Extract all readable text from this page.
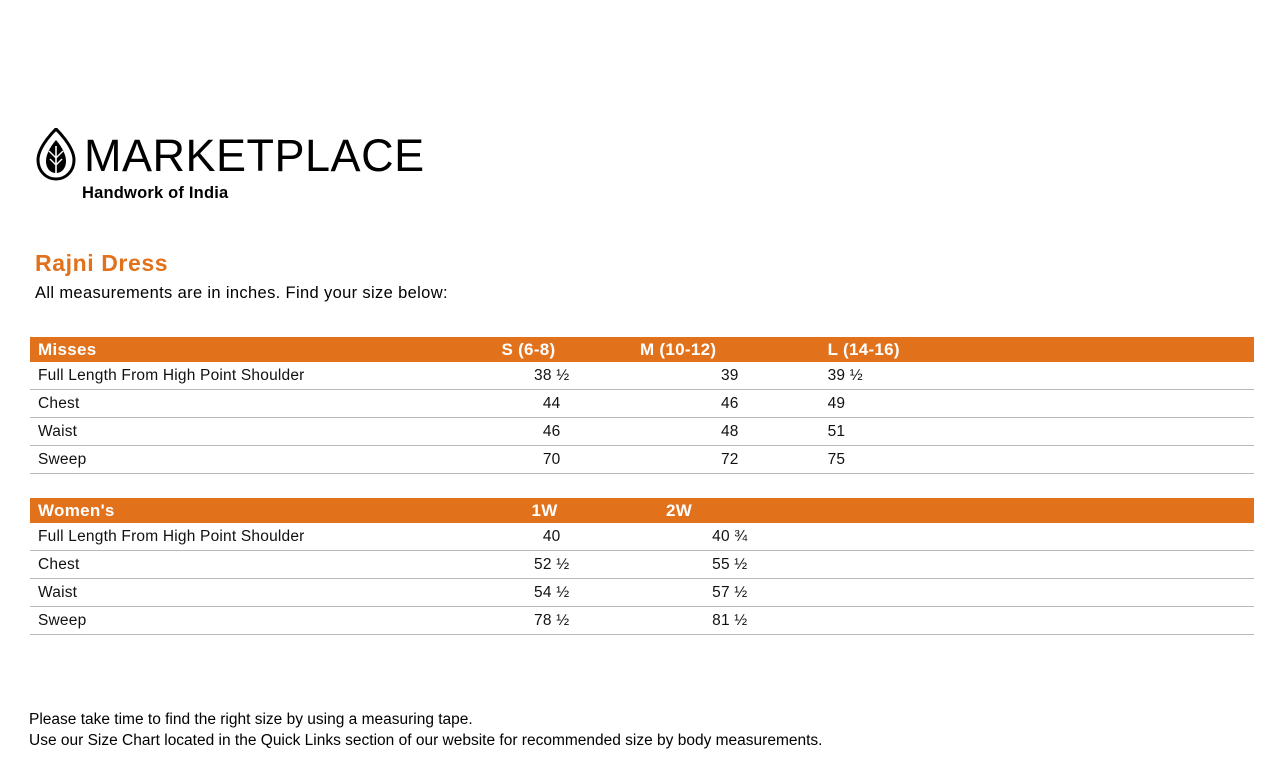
MARKETPLACE
Handwork of India
Rajni Dress
All measurements are in inches. Find your size below:
Misses	S (6-8)	M (10-12)	L (14-16)
Full Length From High Point Shoulder	38 ½	39	39 ½
Chest	44	46	49
Waist	46	48	51
Sweep	70	72	75
Women's	1W	2W	
Full Length From High Point Shoulder	40	40 ¾	
Chest	52 ½	55 ½	
Waist	54 ½	57 ½	
Sweep	78 ½	81 ½	
Please take time to find the right size by using a measuring tape.
Use our Size Chart located in the Quick Links section of our website for recommended size by body measurements.
